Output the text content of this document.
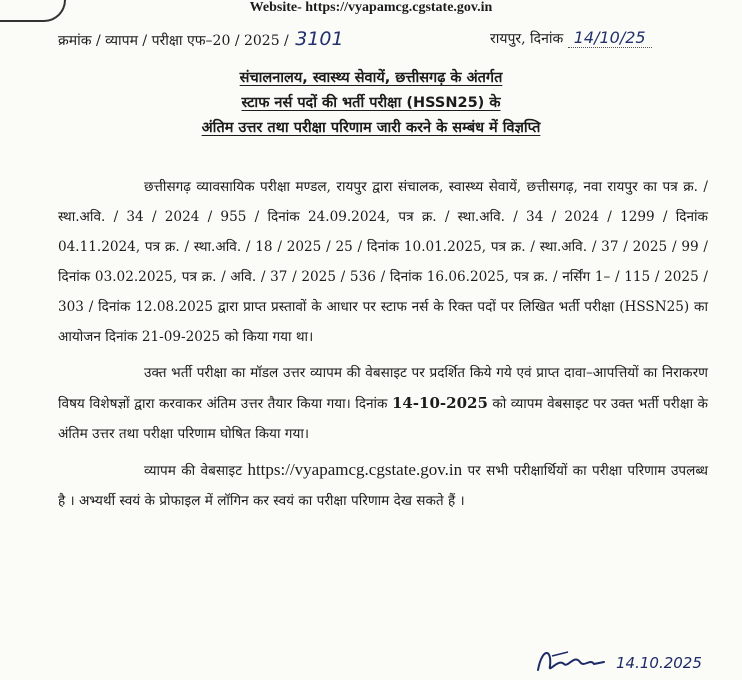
Website- https://vyapamcg.cgstate.gov.in
क्रमांक / व्यापम / परीक्षा एफ–20 / 2025 / 3101	रायपुर, दिनांक 14/10/25
संचालनालय, स्वास्थ्य सेवायें, छत्तीसगढ़ के अंतर्गत
स्टाफ नर्स पदों की भर्ती परीक्षा (HSSN25) के
अंतिम उत्तर तथा परीक्षा परिणाम जारी करने के सम्बंध में विज्ञप्ति

छत्तीसगढ़ व्यावसायिक परीक्षा मण्डल, रायपुर द्वारा संचालक, स्वास्थ्य सेवायें, छत्तीसगढ़, नवा रायपुर का पत्र क्र. / स्था.अवि. / 34 / 2024 / 955 / दिनांक 24.09.2024, पत्र क्र. / स्था.अवि. / 34 / 2024 / 1299 / दिनांक 04.11.2024, पत्र क्र. / स्था.अवि. / 18 / 2025 / 25 / दिनांक 10.01.2025, पत्र क्र. / स्था.अवि. / 37 / 2025 / 99 / दिनांक 03.02.2025, पत्र क्र. / अवि. / 37 / 2025 / 536 / दिनांक 16.06.2025, पत्र क्र. / नर्सिंग 1– / 115 / 2025 / 303 / दिनांक 12.08.2025 द्वारा प्राप्त प्रस्तावों के आधार पर स्टाफ नर्स के रिक्त पदों पर लिखित भर्ती परीक्षा (HSSN25) का आयोजन दिनांक 21-09-2025 को किया गया था।

उक्त भर्ती परीक्षा का मॉडल उत्तर व्यापम की वेबसाइट पर प्रदर्शित किये गये एवं प्राप्त दावा–आपत्तियों का निराकरण विषय विशेषज्ञों द्वारा करवाकर अंतिम उत्तर तैयार किया गया। दिनांक 14-10-2025 को व्यापम वेबसाइट पर उक्त भर्ती परीक्षा के अंतिम उत्तर तथा परीक्षा परिणाम घोषित किया गया।

व्यापम की वेबसाइट https://vyapamcg.cgstate.gov.in पर सभी परीक्षार्थियों का परीक्षा परिणाम उपलब्ध है । अभ्यर्थी स्वयं के प्रोफाइल में लॉगिन कर स्वयं का परीक्षा परिणाम देख सकते हैं ।

14.10.2025
